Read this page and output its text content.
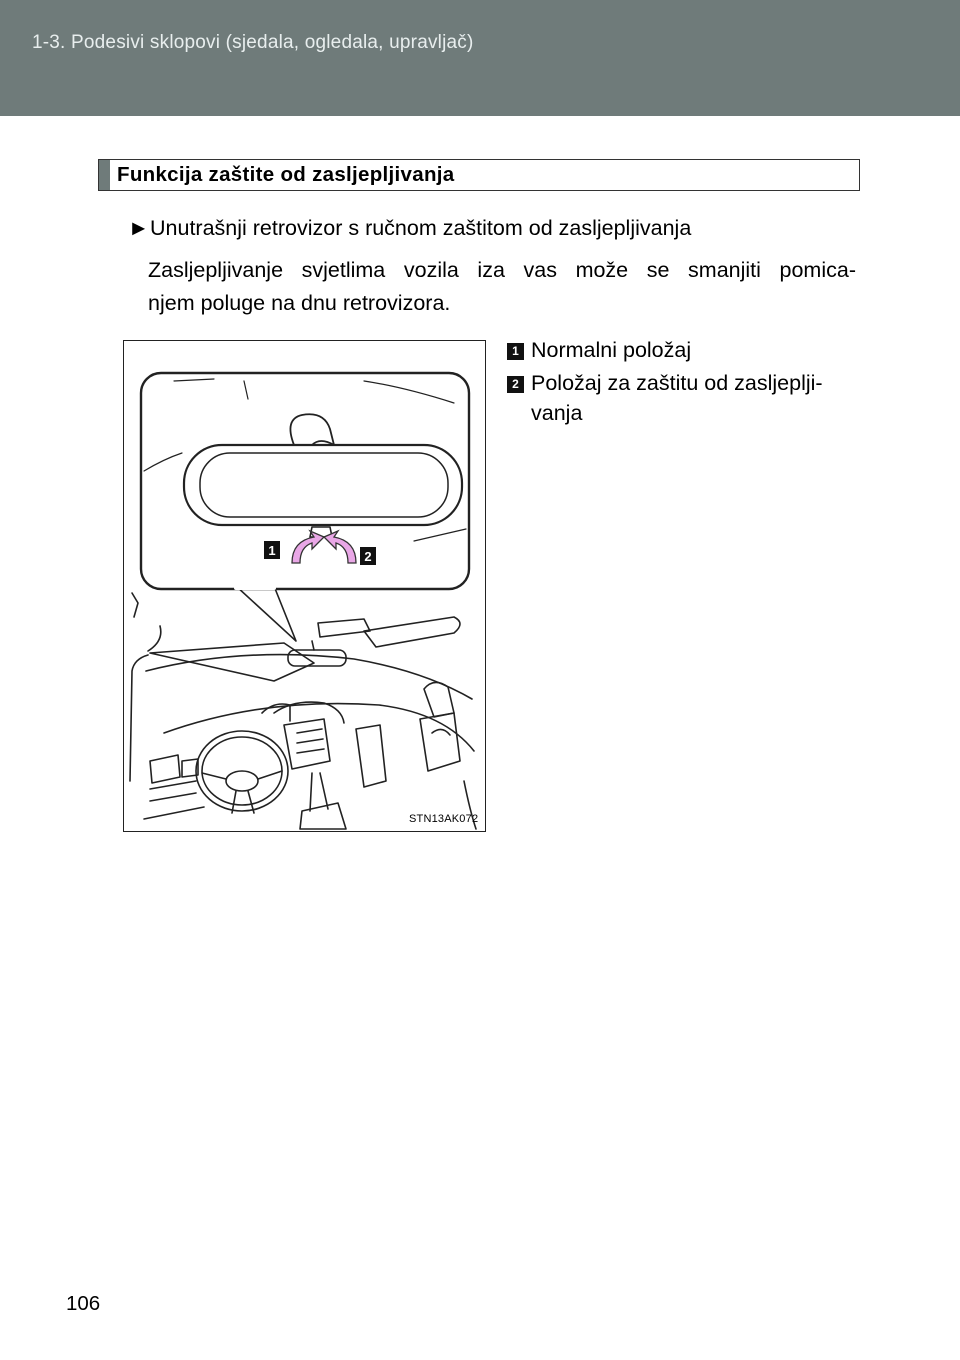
1-3. Podesivi sklopovi (sjedala, ogledala, upravljač)
Funkcija zaštite od zasljepljivanja
►Unutrašnji retrovizor s ručnom zaštitom od zasljepljivanja
Zasljepljivanje svjetlima vozila iza vas može se smanjiti pomica-
njem poluge na dnu retrovizora.
1 Normalni položaj
2 Položaj za zaštitu od zasljeplji-
vanja
1	2
STN13AK072
106
